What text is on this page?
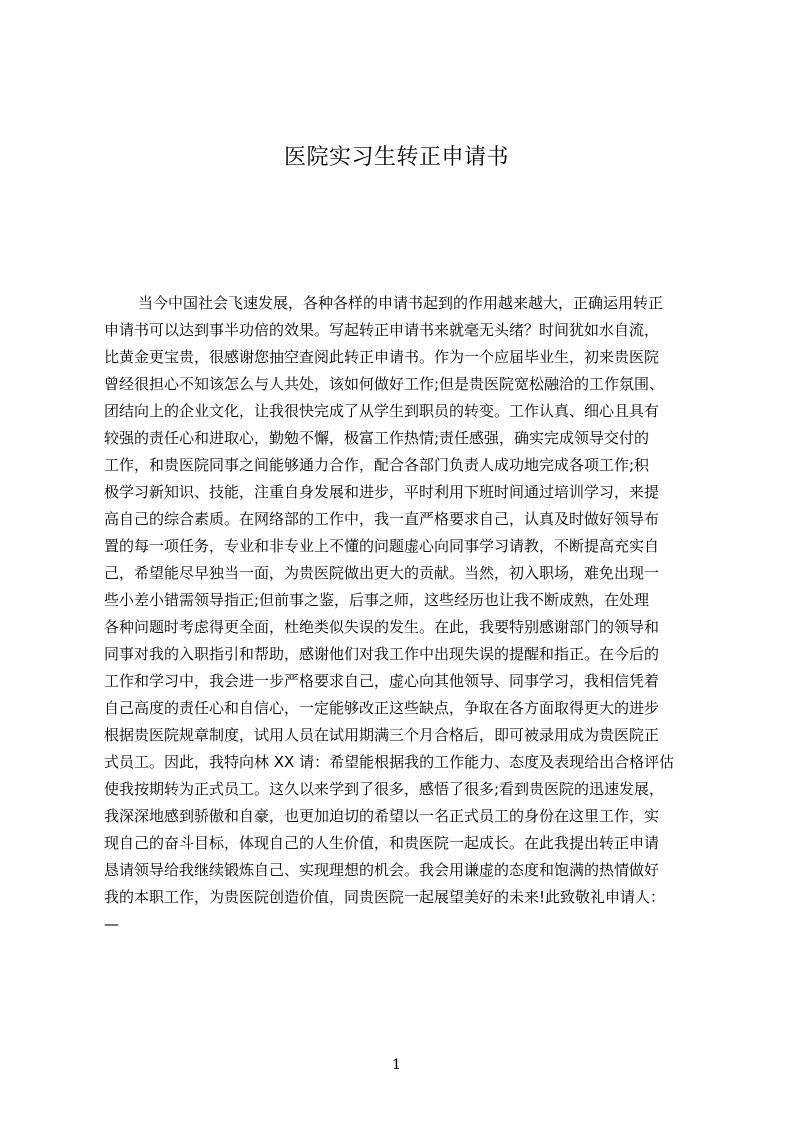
医院实习生转正申请书
当今中国社会飞速发展，各种各样的申请书起到的作用越来越大，正确运用转正
申请书可以达到事半功倍的效果。写起转正申请书来就毫无头绪？时间犹如水自流，
比黄金更宝贵，很感谢您抽空查阅此转正申请书。作为一个应届毕业生，初来贵医院
曾经很担心不知该怎么与人共处，该如何做好工作;但是贵医院宽松融洽的工作氛围、
团结向上的企业文化，让我很快完成了从学生到职员的转变。工作认真、细心且具有
较强的责任心和进取心，勤勉不懈，极富工作热情;责任感强，确实完成领导交付的
工作，和贵医院同事之间能够通力合作，配合各部门负责人成功地完成各项工作;积
极学习新知识、技能，注重自身发展和进步，平时利用下班时间通过培训学习，来提
高自己的综合素质。在网络部的工作中，我一直严格要求自己，认真及时做好领导布
置的每一项任务，专业和非专业上不懂的问题虚心向同事学习请教，不断提高充实自
己，希望能尽早独当一面，为贵医院做出更大的贡献。当然，初入职场，难免出现一
些小差小错需领导指正;但前事之鉴，后事之师，这些经历也让我不断成熟，在处理
各种问题时考虑得更全面，杜绝类似失误的发生。在此，我要特别感谢部门的领导和
同事对我的入职指引和帮助，感谢他们对我工作中出现失误的提醒和指正。在今后的
工作和学习中，我会进一步严格要求自己，虚心向其他领导、同事学习，我相信凭着
自己高度的责任心和自信心，一定能够改正这些缺点，争取在各方面取得更大的进步
根据贵医院规章制度，试用人员在试用期满三个月合格后，即可被录用成为贵医院正
式员工。因此，我特向林 XX 请：希望能根据我的工作能力、态度及表现给出合格评估
使我按期转为正式员工。这久以来学到了很多，感悟了很多;看到贵医院的迅速发展，
我深深地感到骄傲和自豪，也更加迫切的希望以一名正式员工的身份在这里工作，实
现自己的奋斗目标，体现自己的人生价值，和贵医院一起成长。在此我提出转正申请
恳请领导给我继续锻炼自己、实现理想的机会。我会用谦虚的态度和饱满的热情做好
我的本职工作，为贵医院创造价值，同贵医院一起展望美好的未来!此致敬礼申请人：
—
1
